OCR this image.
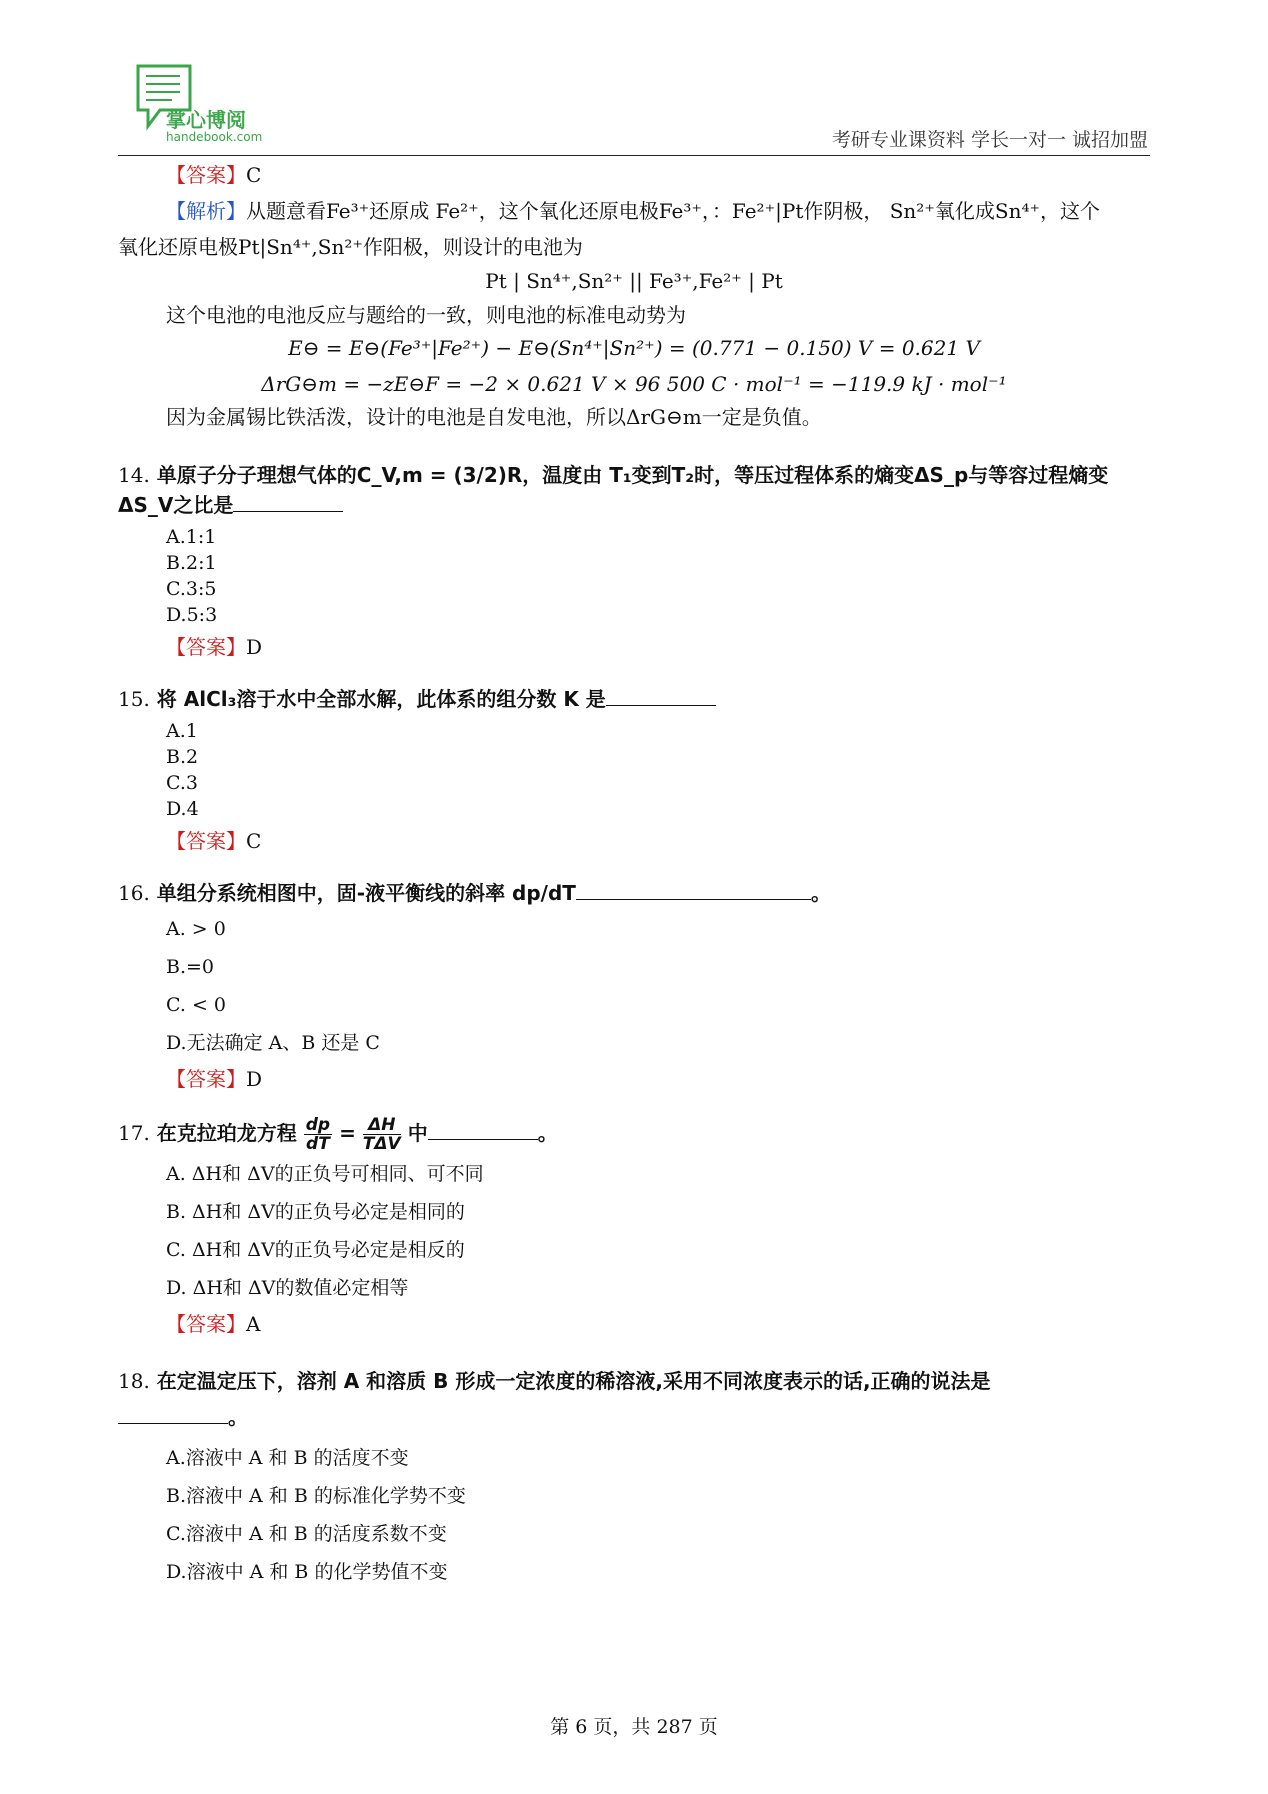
掌心博阅
handebook.com	考研专业课资料 学长一对一 诚招加盟
【答案】C
【解析】从题意看Fe³⁺还原成 Fe²⁺，这个氧化还原电极Fe³⁺，：Fe²⁺|Pt作阴极， Sn²⁺氧化成Sn⁴⁺，这个
氧化还原电极Pt|Sn⁴⁺,Sn²⁺作阳极，则设计的电池为
Pt | Sn⁴⁺,Sn²⁺ || Fe³⁺,Fe²⁺ | Pt
这个电池的电池反应与题给的一致，则电池的标准电动势为
E⊖ = E⊖(Fe³⁺|Fe²⁺) − E⊖(Sn⁴⁺|Sn²⁺) = (0.771 − 0.150) V = 0.621 V
ΔrG⊖m = −zE⊖F = −2 × 0.621 V × 96 500 C · mol⁻¹ = −119.9 kJ · mol⁻¹
因为金属锡比铁活泼，设计的电池是自发电池，所以ΔrG⊖m一定是负值。
14. 单原子分子理想气体的C_V,m = (3/2)R，温度由 T₁变到T₂时，等压过程体系的熵变ΔS_p与等容过程熵变ΔS_V之比是
A.1:1
B.2:1
C.3:5
D.5:3
【答案】D
15. 将 AlCl₃溶于水中全部水解，此体系的组分数 K 是
A.1
B.2
C.3
D.4
【答案】C
16. 单组分系统相图中，固-液平衡线的斜率 dp/dT	。
A. > 0
B.=0
C. < 0
D.无法确定 A、B 还是 C
【答案】D
17. 在克拉珀龙方程 $\frac{dp}{dT} = \frac{\Delta H}{\text{TΔV}}$ 中	。
A. ΔH和 ΔV的正负号可相同、可不同
B. ΔH和 ΔV的正负号必定是相同的
C. ΔH和 ΔV的正负号必定是相反的
D. ΔH和 ΔV的数值必定相等
【答案】A
18. 在定温定压下，溶剂 A 和溶质 B 形成一定浓度的稀溶液,采用不同浓度表示的话,正确的说法是
。
A.溶液中 A 和 B 的活度不变
B.溶液中 A 和 B 的标准化学势不变
C.溶液中 A 和 B 的活度系数不变
D.溶液中 A 和 B 的化学势值不变
第 6 页，共 287 页
